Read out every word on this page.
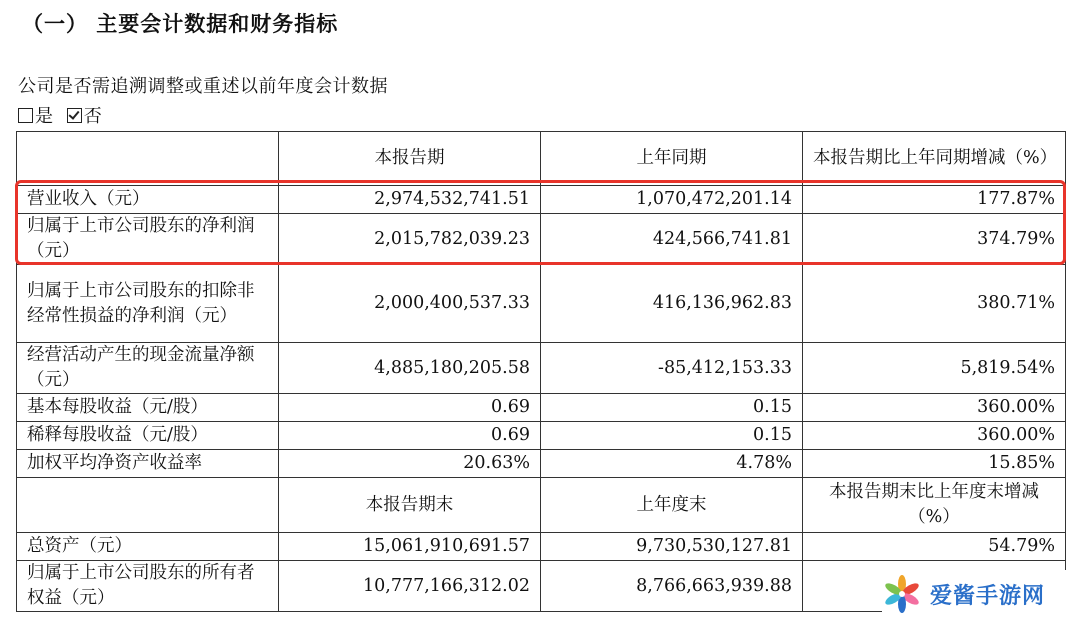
（一） 主要会计数据和财务指标
公司是否需追溯调整或重述以前年度会计数据
是 否
	本报告期	上年同期	本报告期比上年同期增减（%）
营业收入（元）	2,974,532,741.51	1,070,472,201.14	177.87%
归属于上市公司股东的净利润（元）	2,015,782,039.23	424,566,741.81	374.79%
归属于上市公司股东的扣除非经常性损益的净利润（元）	2,000,400,537.33	416,136,962.83	380.71%
经营活动产生的现金流量净额（元）	4,885,180,205.58	-85,412,153.33	5,819.54%
基本每股收益（元/股）	0.69	0.15	360.00%
稀释每股收益（元/股）	0.69	0.15	360.00%
加权平均净资产收益率	20.63%	4.78%	15.85%
	本报告期末	上年度末	本报告期末比上年度末增减（%）
总资产（元）	15,061,910,691.57	9,730,530,127.81	54.79%
归属于上市公司股东的所有者权益（元）	10,777,166,312.02	8,766,663,939.88		爱酱手游网
